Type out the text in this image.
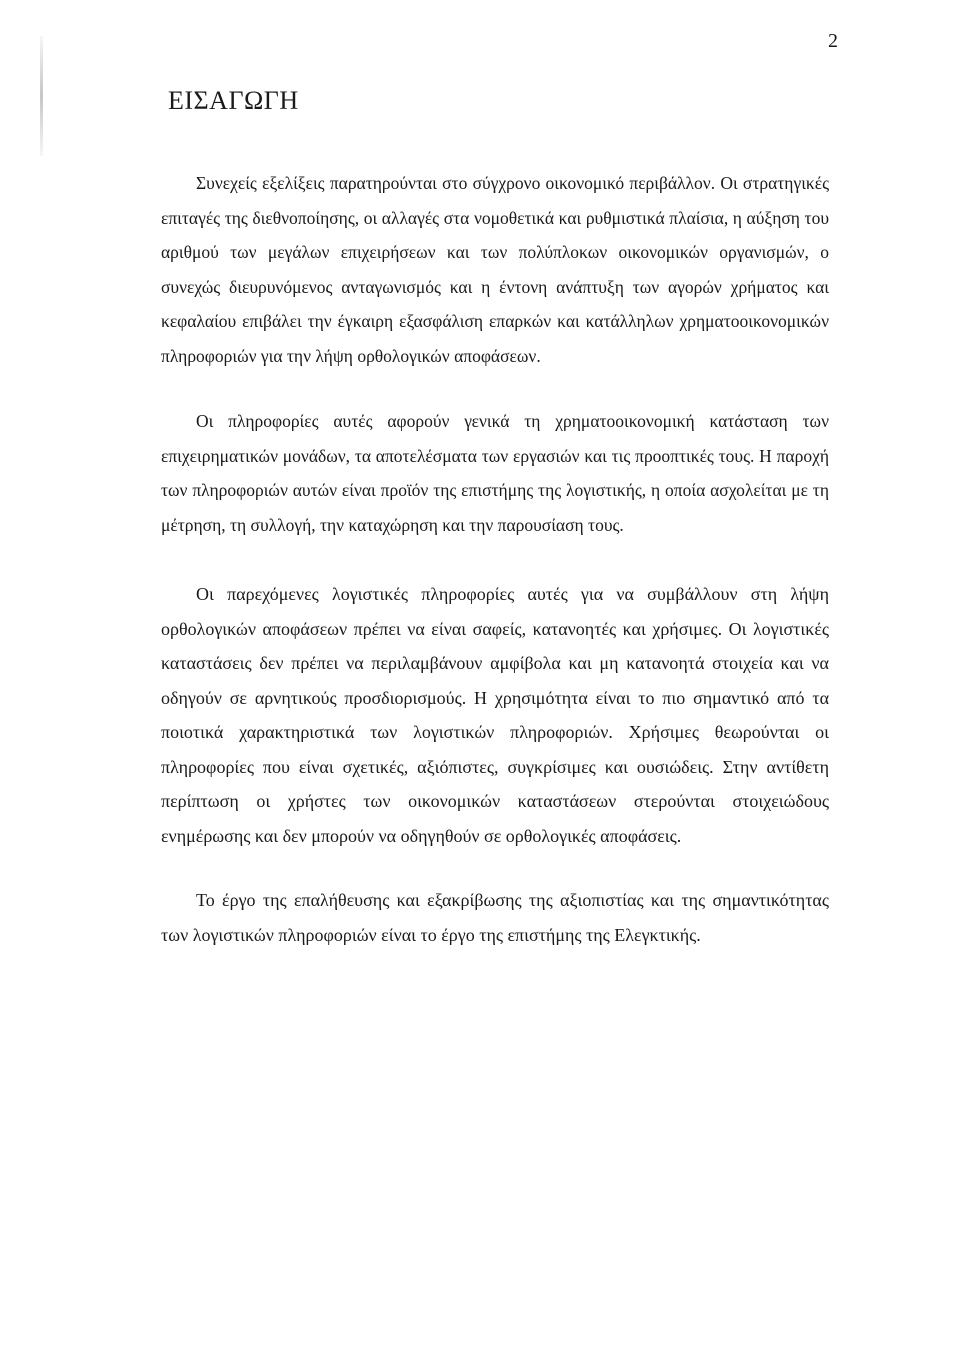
2
ΕΙΣΑΓΩΓΗ

Συνεχείς εξελίξεις παρατηρούνται στο σύγχρονο οικονομικό περιβάλλον. Οι στρατηγικές επιταγές της διεθνοποίησης, οι αλλαγές στα νομοθετικά και ρυθμιστικά πλαίσια, η αύξηση του αριθμού των μεγάλων επιχειρήσεων και των πολύπλοκων οικονομικών οργανισμών, ο συνεχώς διευρυνόμενος ανταγωνισμός και η έντονη ανάπτυξη των αγορών χρήματος και κεφαλαίου επιβάλει την έγκαιρη εξασφάλιση επαρκών και κατάλληλων χρηματοοικονομικών πληροφοριών για την λήψη ορθολογικών αποφάσεων.

Οι πληροφορίες αυτές αφορούν γενικά τη χρηματοοικονομική κατάσταση των επιχειρηματικών μονάδων, τα αποτελέσματα των εργασιών και τις προοπτικές τους. Η παροχή των πληροφοριών αυτών είναι προϊόν της επιστήμης της λογιστικής, η οποία ασχολείται με τη μέτρηση, τη συλλογή, την καταχώρηση και την παρουσίαση τους.

Οι παρεχόμενες λογιστικές πληροφορίες αυτές για να συμβάλλουν στη λήψη ορθολογικών αποφάσεων πρέπει να είναι σαφείς, κατανοητές και χρήσιμες. Οι λογιστικές καταστάσεις δεν πρέπει να περιλαμβάνουν αμφίβολα και μη κατανοητά στοιχεία και να οδηγούν σε αρνητικούς προσδιορισμούς. Η χρησιμότητα είναι το πιο σημαντικό από τα ποιοτικά χαρακτηριστικά των λογιστικών πληροφοριών. Χρήσιμες θεωρούνται οι πληροφορίες που είναι σχετικές, αξιόπιστες, συγκρίσιμες και ουσιώδεις. Στην αντίθετη περίπτωση οι χρήστες των οικονομικών καταστάσεων στερούνται στοιχειώδους ενημέρωσης και δεν μπορούν να οδηγηθούν σε ορθολογικές αποφάσεις.

Το έργο της επαλήθευσης και εξακρίβωσης της αξιοπιστίας και της σημαντικότητας των λογιστικών πληροφοριών είναι το έργο της επιστήμης της Ελεγκτικής.
